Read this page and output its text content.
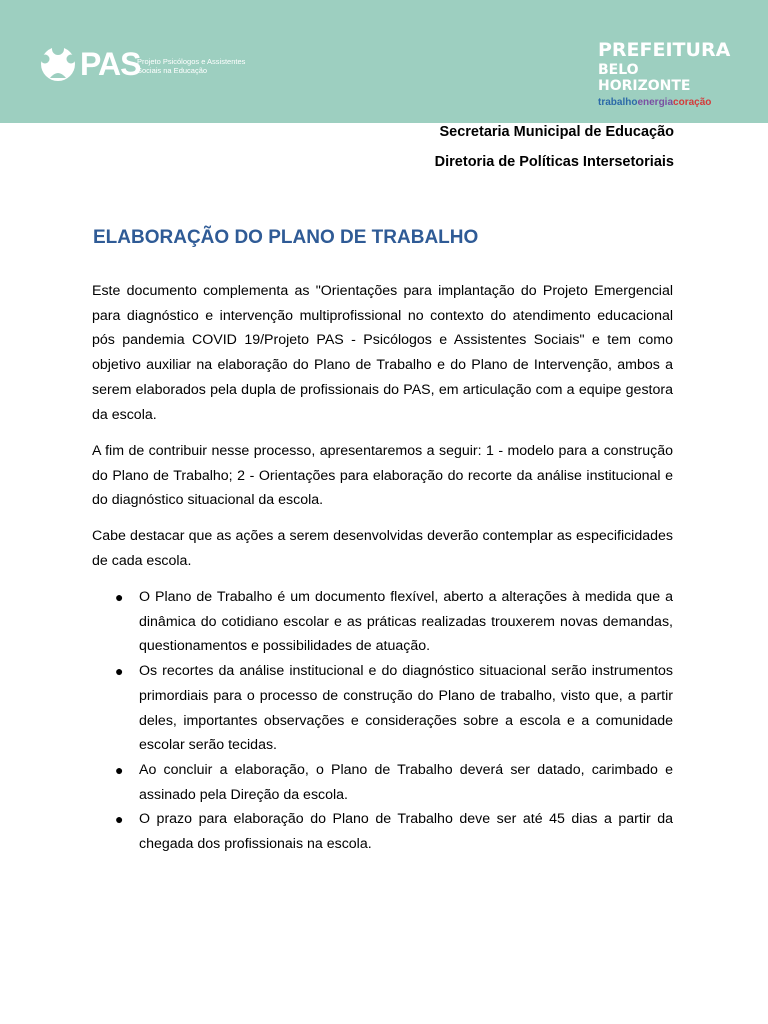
PAS
Projeto Psicólogos e Assistentes Sociais na Educação
PREFEITURA
BELO HORIZONTE
trabalhoenergiacoração
Secretaria Municipal de Educação
Diretoria de Políticas Intersetoriais
ELABORAÇÃO DO PLANO DE TRABALHO
Este documento complementa as "Orientações para implantação do Projeto Emergencial para diagnóstico e intervenção multiprofissional no contexto do atendimento educacional pós pandemia COVID 19/Projeto PAS - Psicólogos e Assistentes Sociais" e tem como objetivo auxiliar na elaboração do Plano de Trabalho e do Plano de Intervenção, ambos a serem elaborados pela dupla de profissionais do PAS, em articulação com a equipe gestora da escola.
A fim de contribuir nesse processo, apresentaremos a seguir: 1 - modelo para a construção do Plano de Trabalho; 2 - Orientações para elaboração do recorte da análise institucional e do diagnóstico situacional da escola.
Cabe destacar que as ações a serem desenvolvidas deverão contemplar as especificidades de cada escola.
● O Plano de Trabalho é um documento flexível, aberto a alterações à medida que a dinâmica do cotidiano escolar e as práticas realizadas trouxerem novas demandas, questionamentos e possibilidades de atuação.
● Os recortes da análise institucional e do diagnóstico situacional serão instrumentos primordiais para o processo de construção do Plano de trabalho, visto que, a partir deles, importantes observações e considerações sobre a escola e a comunidade escolar serão tecidas.
● Ao concluir a elaboração, o Plano de Trabalho deverá ser datado, carimbado e assinado pela Direção da escola.
● O prazo para elaboração do Plano de Trabalho deve ser até 45 dias a partir da chegada dos profissionais na escola.
